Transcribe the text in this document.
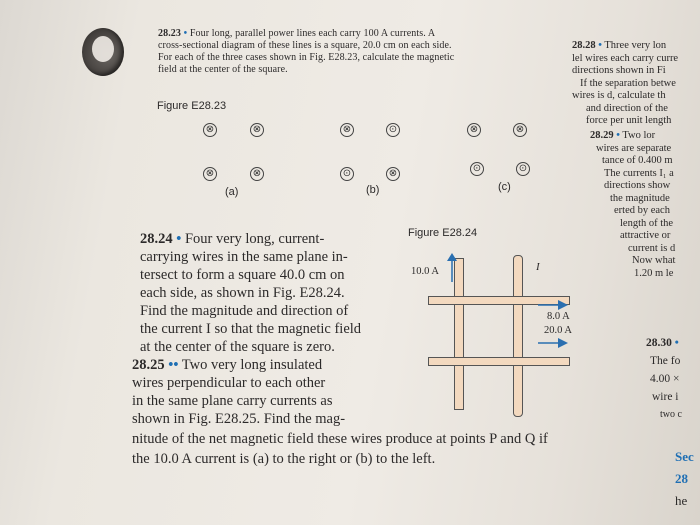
28.23 • Four long, parallel power lines each carry 100 A currents. A
cross-sectional diagram of these lines is a square, 20.0 cm on each side.
For each of the three cases shown in Fig. E28.23, calculate the magnetic
field at the center of the square.
Figure E28.23
⊗	⊗
⊗	⊗
(a)
⊗	⊙
⊙	⊗
(b)
⊗	⊗
⊙	⊙
(c)
28.24 • Four very long, current-
carrying wires in the same plane in-
tersect to form a square 40.0 cm on
each side, as shown in Fig. E28.24.
Find the magnitude and direction of
the current I so that the magnetic field
at the center of the square is zero.
28.25 •• Two very long insulated
wires perpendicular to each other
in the same plane carry currents as
shown in Fig. E28.25. Find the mag-
nitude of the net magnetic field these wires produce at points P and Q if
the 10.0 A current is (a) to the right or (b) to the left.
Figure E28.24
10.0 A	I
8.0 A
20.0 A
28.28 • Three very lon
lel wires each carry curre
directions shown in Fi
If the separation betwe
wires is d, calculate th
and direction of the
force per unit length
28.29 • Two lor
wires are separate
tance of 0.400 m
The currents I₁ a
directions show
the magnitude
erted by each
length of the
attractive or
current is d
Now what
1.20 m le
28.30 •
The fo
4.00 ×
wire i
two c
Sec
28
he
